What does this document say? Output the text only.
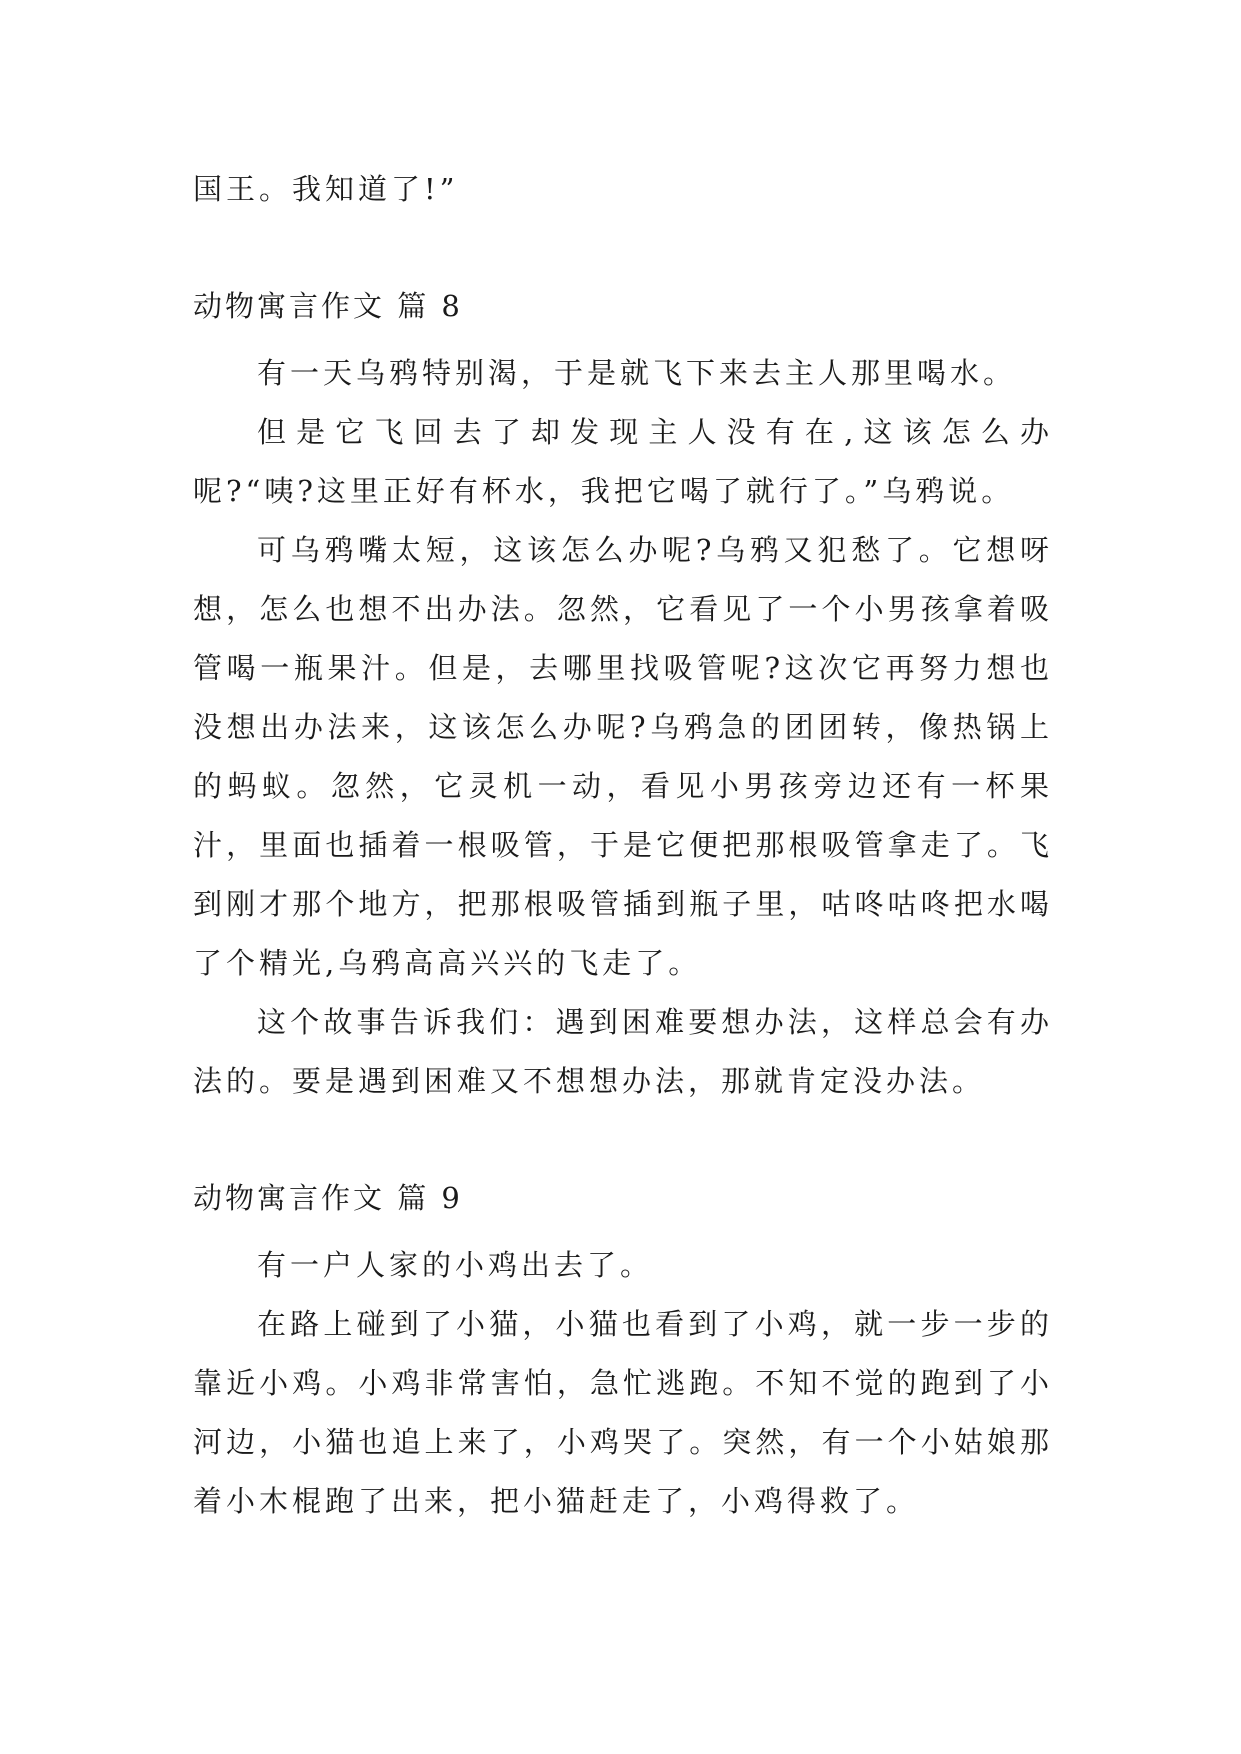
国王。我知道了!”

动物寓言作文 篇 8

有一天乌鸦特别渴，于是就飞下来去主人那里喝水。

但是它飞回去了却发现主人没有在,这该怎么办呢?“咦?这里正好有杯水，我把它喝了就行了。”乌鸦说。

可乌鸦嘴太短，这该怎么办呢?乌鸦又犯愁了。它想呀想，怎么也想不出办法。忽然，它看见了一个小男孩拿着吸管喝一瓶果汁。但是，去哪里找吸管呢?这次它再努力想也没想出办法来，这该怎么办呢?乌鸦急的团团转，像热锅上的蚂蚁。忽然，它灵机一动，看见小男孩旁边还有一杯果汁，里面也插着一根吸管，于是它便把那根吸管拿走了。飞到刚才那个地方，把那根吸管插到瓶子里，咕咚咕咚把水喝了个精光,乌鸦高高兴兴的飞走了。

这个故事告诉我们：遇到困难要想办法，这样总会有办法的。要是遇到困难又不想想办法，那就肯定没办法。

动物寓言作文 篇 9

有一户人家的小鸡出去了。

在路上碰到了小猫，小猫也看到了小鸡，就一步一步的靠近小鸡。小鸡非常害怕，急忙逃跑。不知不觉的跑到了小河边，小猫也追上来了，小鸡哭了。突然，有一个小姑娘那着小木棍跑了出来，把小猫赶走了，小鸡得救了。
